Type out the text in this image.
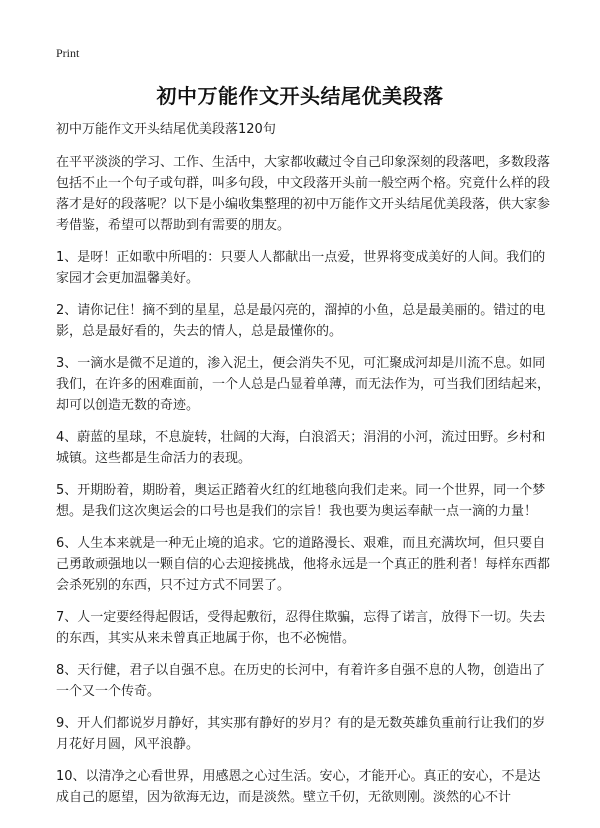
Print
初中万能作文开头结尾优美段落

初中万能作文开头结尾优美段落120句

在平平淡淡的学习、工作、生活中，大家都收藏过令自己印象深刻的段落吧，多数段落包括不止一个句子或句群，叫多句段，中文段落开头前一般空两个格。究竟什么样的段落才是好的段落呢？以下是小编收集整理的初中万能作文开头结尾优美段落，供大家参考借鉴，希望可以帮助到有需要的朋友。

1、是呀！正如歌中所唱的：只要人人都献出一点爱，世界将变成美好的人间。我们的家园才会更加温馨美好。

2、请你记住！摘不到的星星，总是最闪亮的，溜掉的小鱼，总是最美丽的。错过的电影，总是最好看的，失去的情人，总是最懂你的。

3、一滴水是微不足道的，渗入泥土，便会消失不见，可汇聚成河却是川流不息。如同我们，在许多的困难面前，一个人总是凸显着单薄，而无法作为，可当我们团结起来，却可以创造无数的奇迹。

4、蔚蓝的星球，不息旋转，壮阔的大海，白浪滔天；涓涓的小河，流过田野。乡村和城镇。这些都是生命活力的表现。

5、开期盼着，期盼着，奥运正踏着火红的红地毯向我们走来。同一个世界，同一个梦想。是我们这次奥运会的口号也是我们的宗旨！我也要为奥运奉献一点一滴的力量！

6、人生本来就是一种无止境的追求。它的道路漫长、艰难，而且充满坎坷，但只要自己勇敢顽强地以一颗自信的心去迎接挑战，他将永远是一个真正的胜利者！每样东西都会杀死别的东西，只不过方式不同罢了。

7、人一定要经得起假话，受得起敷衍，忍得住欺骗，忘得了诺言，放得下一切。失去的东西，其实从来未曾真正地属于你，也不必惋惜。

8、天行健，君子以自强不息。在历史的长河中，有着许多自强不息的人物，创造出了一个又一个传奇。

9、开人们都说岁月静好，其实那有静好的岁月？有的是无数英雄负重前行让我们的岁月花好月圆，风平浪静。

10、以清净之心看世界，用感恩之心过生活。安心，才能开心。真正的安心，不是达成自己的愿望，因为欲海无边，而是淡然。壁立千仞，无欲则刚。淡然的心不计
